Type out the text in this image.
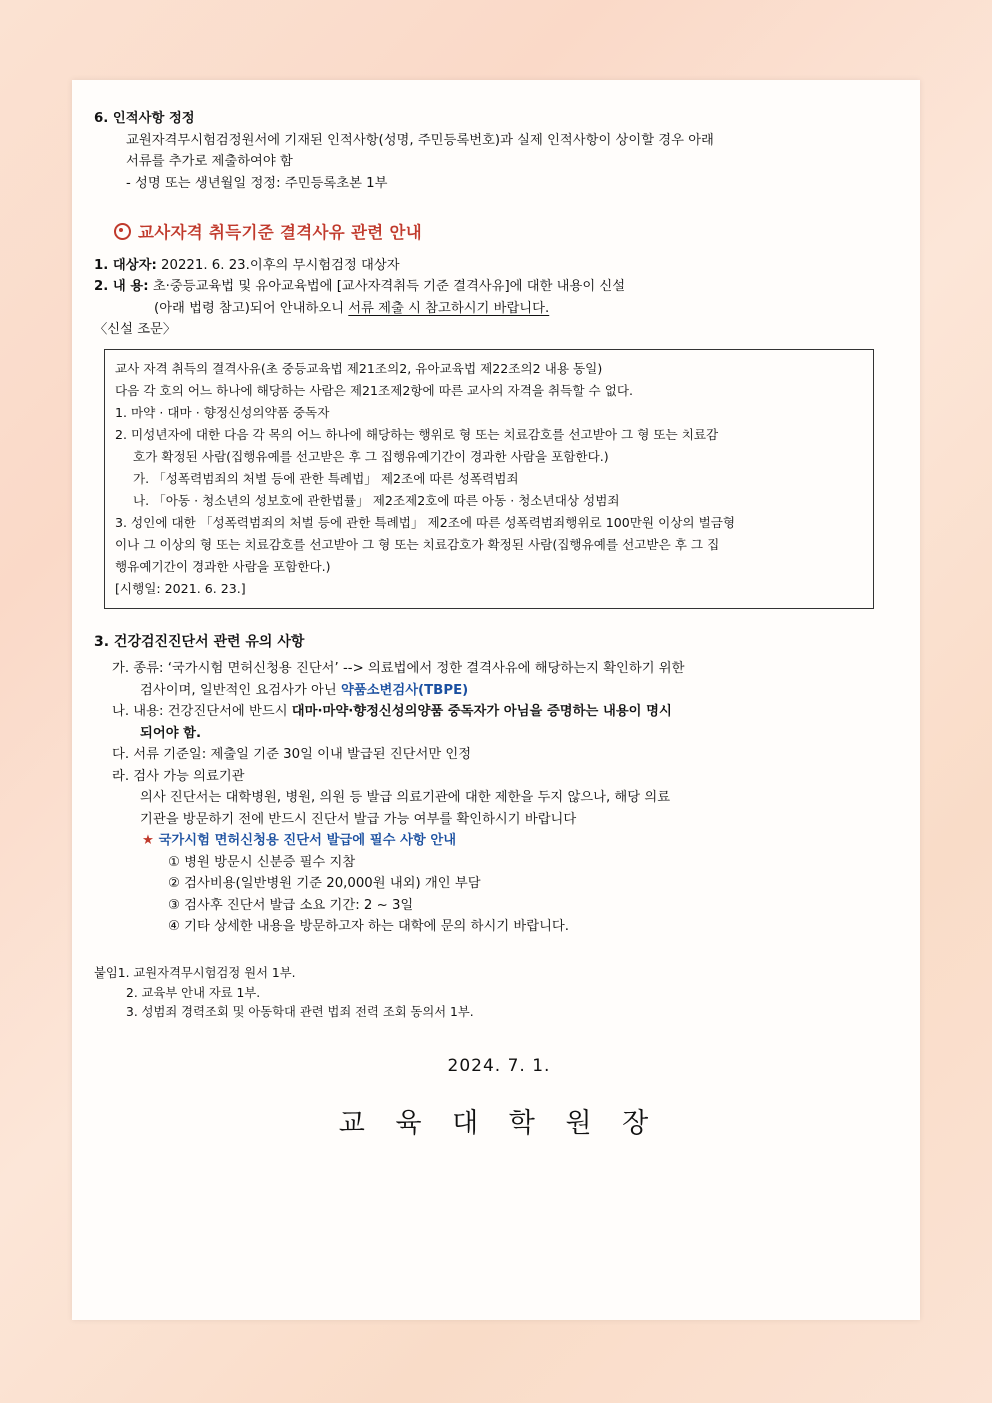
6. 인적사항 정정
교원자격무시험검정원서에 기재된 인적사항(성명, 주민등록번호)과 실제 인적사항이 상이할 경우 아래
서류를 추가로 제출하여야 함
- 성명 또는 생년월일 정정: 주민등록초본 1부
교사자격 취득기준 결격사유 관련 안내
1. 대상자: 20221. 6. 23.이후의 무시험검정 대상자
2. 내 용: 초·중등교육법 및 유아교육법에 [교사자격취득 기준 결격사유]에 대한 내용이 신설
(아래 법령 참고)되어 안내하오니 서류 제출 시 참고하시기 바랍니다.
〈신설 조문〉

교사 자격 취득의 결격사유(초 중등교육법 제21조의2, 유아교육법 제22조의2 내용 동일)

다음 각 호의 어느 하나에 해당하는 사람은 제21조제2항에 따른 교사의 자격을 취득할 수 없다.

1. 마약 · 대마 · 향정신성의약품 중독자

2. 미성년자에 대한 다음 각 목의 어느 하나에 해당하는 행위로 형 또는 치료감호를 선고받아 그 형 또는 치료감

호가 확정된 사람(집행유예를 선고받은 후 그 집행유예기간이 경과한 사람을 포함한다.)

가. 「성폭력범죄의 처벌 등에 관한 특례법」 제2조에 따른 성폭력범죄

나. 「아동 · 청소년의 성보호에 관한법률」 제2조제2호에 따른 아동 · 청소년대상 성범죄

3. 성인에 대한 「성폭력범죄의 처벌 등에 관한 특례법」 제2조에 따른 성폭력범죄행위로 100만원 이상의 벌금형

이나 그 이상의 형 또는 치료감호를 선고받아 그 형 또는 치료감호가 확정된 사람(집행유예를 선고받은 후 그 집

행유예기간이 경과한 사람을 포함한다.)

[시행일: 2021. 6. 23.]

3. 건강검진진단서 관련 유의 사항
가. 종류: ‘국가시험 면허신청용 진단서’ --> 의료법에서 정한 결격사유에 해당하는지 확인하기 위한
검사이며, 일반적인 요검사가 아닌 약품소변검사(TBPE)
나. 내용: 건강진단서에 반드시 대마·마약·향정신성의양품 중독자가 아님을 증명하는 내용이 명시
되어야 함.
다. 서류 기준일: 제출일 기준 30일 이내 발급된 진단서만 인정
라. 검사 가능 의료기관
의사 진단서는 대학병원, 병원, 의원 등 발급 의료기관에 대한 제한을 두지 않으나, 해당 의료
기관을 방문하기 전에 반드시 진단서 발급 가능 여부를 확인하시기 바랍니다
★ 국가시험 면허신청용 진단서 발급에 필수 사항 안내
① 병원 방문시 신분증 필수 지참
② 검사비용(일반병원 기준 20,000원 내외) 개인 부담
③ 검사후 진단서 발급 소요 기간: 2 ~ 3일
④ 기타 상세한 내용을 방문하고자 하는 대학에 문의 하시기 바랍니다.
붙임1. 교원자격무시험검정 원서 1부.
2. 교육부 안내 자료 1부.
3. 성범죄 경력조회 및 아동학대 관련 법죄 전력 조회 동의서 1부.
2024. 7. 1.
교 육 대 학 원 장
